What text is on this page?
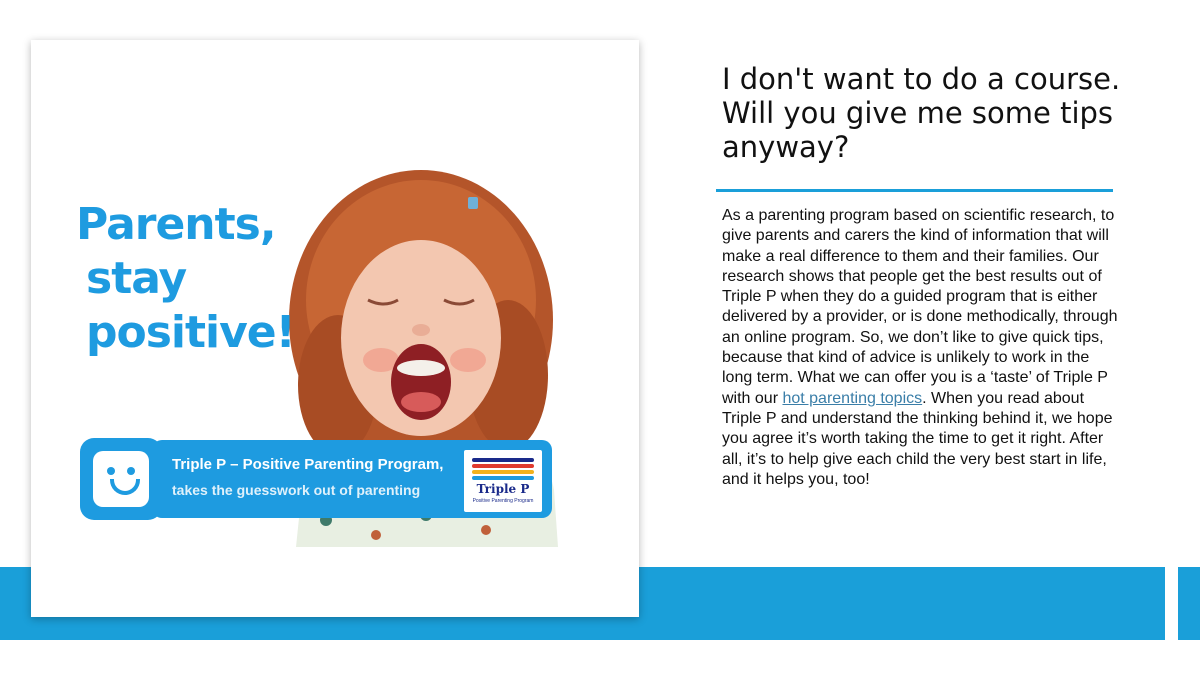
Parents,
stay
positive!
Triple P – Positive Parenting Program,
takes the guesswork out of parenting	Triple P
Positive Parenting Program
I don't want to do a course. Will you give me some tips anyway?
As a parenting program based on scientific research, to give parents and carers the kind of information that will make a real difference to them and their families. Our research shows that people get the best results out of Triple P when they do a guided program that is either delivered by a provider, or is done methodically, through an online program. So, we don’t like to give quick tips, because that kind of advice is unlikely to work in the long term. What we can offer you is a ‘taste’ of Triple P with our hot parenting topics. When you read about Triple P and understand the thinking behind it, we hope you agree it’s worth taking the time to get it right. After all, it’s to help give each child the very best start in life, and it helps you, too!
